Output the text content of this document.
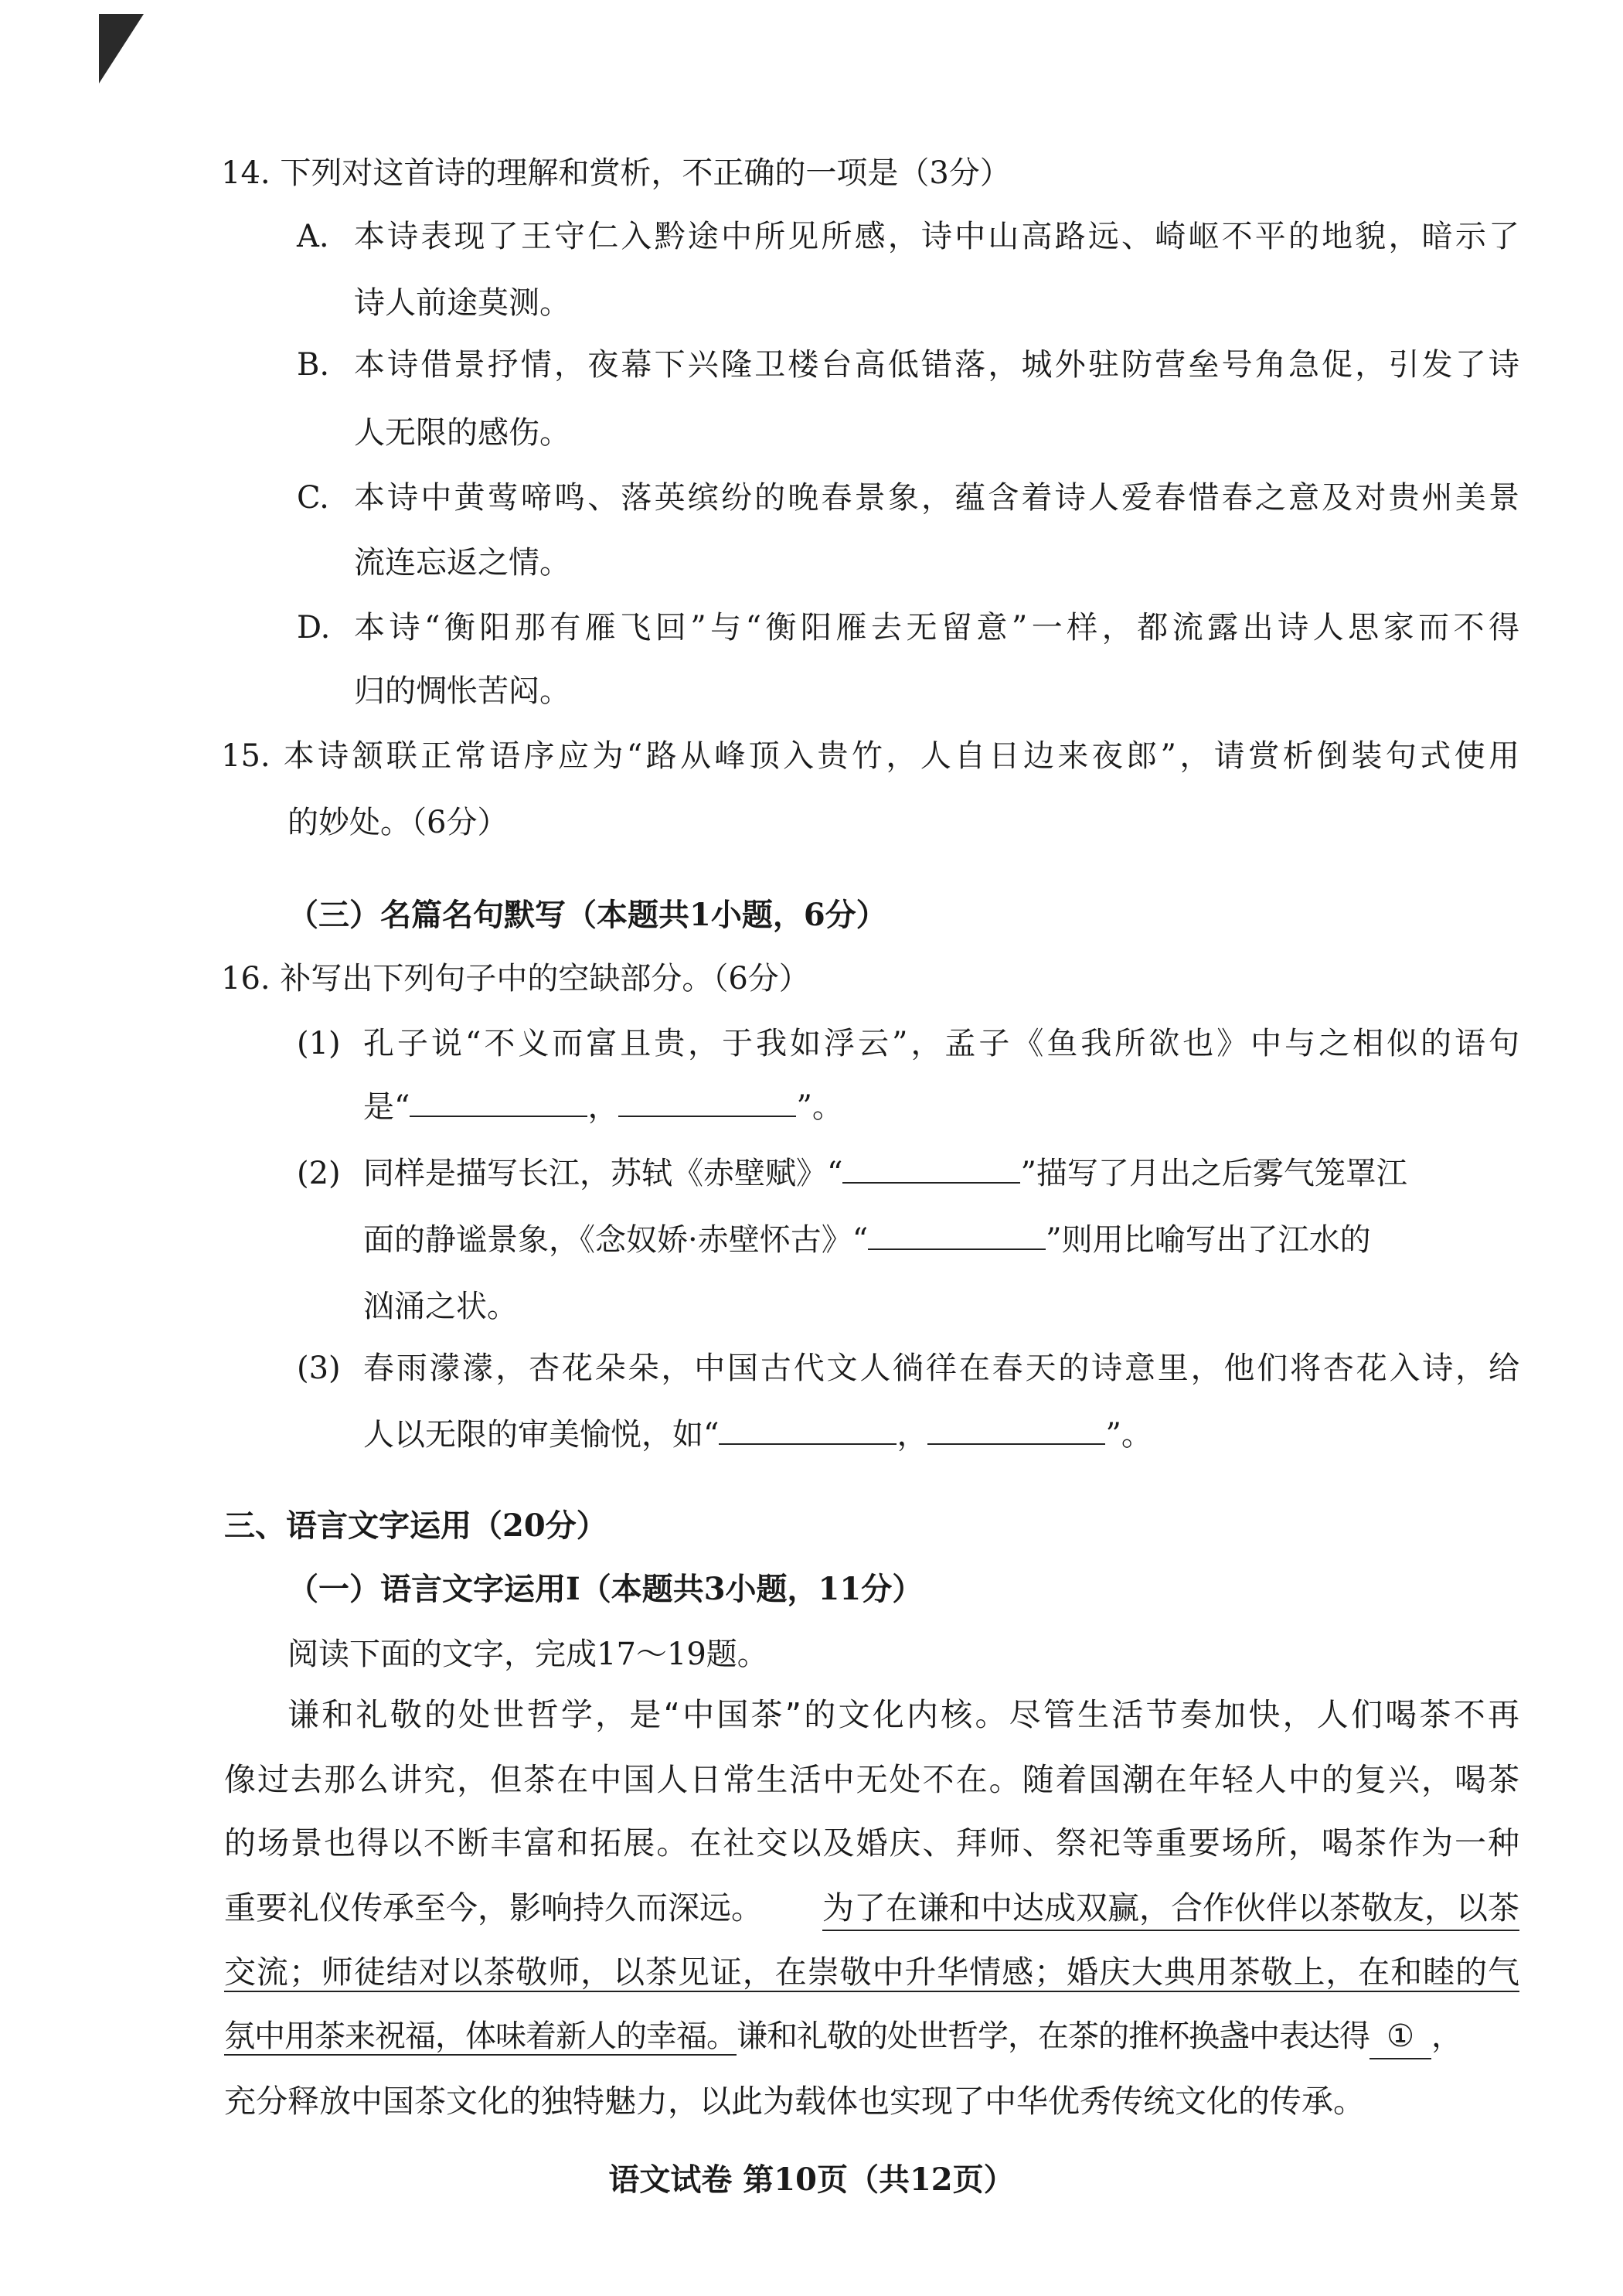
14. 下列对这首诗的理解和赏析，不正确的一项是（3分）
A. 本诗表现了王守仁入黔途中所见所感，诗中山高路远、崎岖不平的地貌，暗示了
诗人前途莫测。
B. 本诗借景抒情，夜幕下兴隆卫楼台高低错落，城外驻防营垒号角急促，引发了诗
人无限的感伤。
C. 本诗中黄莺啼鸣、落英缤纷的晚春景象，蕴含着诗人爱春惜春之意及对贵州美景
流连忘返之情。
D. 本诗“衡阳那有雁飞回”与“衡阳雁去无留意”一样，都流露出诗人思家而不得
归的惆怅苦闷。
15. 本诗颔联正常语序应为“路从峰顶入贵竹，人自日边来夜郎”，请赏析倒装句式使用
的妙处。（6分）
（三）名篇名句默写（本题共1小题，6分）
16. 补写出下列句子中的空缺部分。（6分）
(1) 孔子说“不义而富且贵，于我如浮云”，孟子《鱼我所欲也》中与之相似的语句
是“	，	”。
(2) 同样是描写长江，苏轼《赤壁赋》“	”描写了月出之后雾气笼罩江
面的静谧景象，《念奴娇·赤壁怀古》“	”则用比喻写出了江水的
汹涌之状。
(3) 春雨濛濛，杏花朵朵，中国古代文人徜徉在春天的诗意里，他们将杏花入诗，给
人以无限的审美愉悦，如“	，	”。
三、语言文字运用（20分）
（一）语言文字运用Ⅰ（本题共3小题，11分）
阅读下面的文字，完成17～19题。
谦和礼敬的处世哲学，是“中国茶”的文化内核。尽管生活节奏加快，人们喝茶不再
像过去那么讲究，但茶在中国人日常生活中无处不在。随着国潮在年轻人中的复兴，喝茶
的场景也得以不断丰富和拓展。在社交以及婚庆、拜师、祭祀等重要场所，喝茶作为一种
重要礼仪传承至今，影响持久而深远。 为了在谦和中达成双赢，合作伙伴以茶敬友，以茶
交流；师徒结对以茶敬师，以茶见证，在崇敬中升华情感；婚庆大典用茶敬上，在和睦的气
氛中用茶来祝福，体味着新人的幸福。谦和礼敬的处世哲学，在茶的推杯换盏中表达得 ① ，
充分释放中国茶文化的独特魅力，以此为载体也实现了中华优秀传统文化的传承。
语文试卷 第10页（共12页）
